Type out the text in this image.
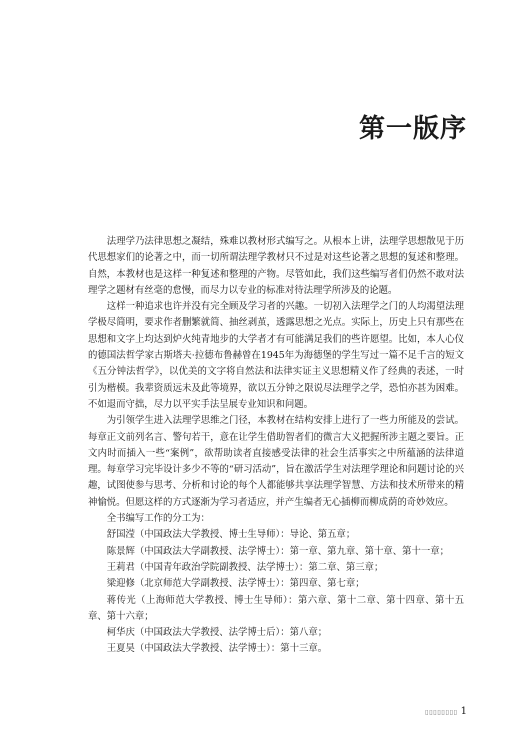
第一版序

法理学乃法律思想之凝结，殊难以教材形式编写之。从根本上讲，法理学思想散见于历代思想家们的论著之中，而一切所谓法理学教材只不过是对这些论著之思想的复述和整理。自然，本教材也是这样一种复述和整理的产物。尽管如此，我们这些编写者们仍然不敢对法理学之题材有丝毫的怠慢，而尽力以专业的标准对待法理学所涉及的论题。

这样一种追求也许并没有完全顾及学习者的兴趣。一切初入法理学之门的人均渴望法理学极尽简明，要求作者删繁就简、抽丝剥茧，透露思想之光点。实际上，历史上只有那些在思想和文字上均达到炉火纯青地步的大学者才有可能满足我们的些许愿望。比如，本人心仪的德国法哲学家古斯塔夫·拉德布鲁赫曾在1945年为海德堡的学生写过一篇不足千言的短文《五分钟法哲学》，以优美的文字将自然法和法律实证主义思想精义作了经典的表述，一时引为楷模。我辈资质远未及此等境界，欲以五分钟之限说尽法理学之学，恐怕亦甚为困难。不如退而守拙，尽力以平实手法呈展专业知识和问题。

为引领学生进入法理学思维之门径，本教材在结构安排上进行了一些力所能及的尝试。每章正文前列名言、警句若干，意在让学生借助智者们的微言大义把握所涉主题之要旨。正文内时而插入一些“案例”，欲帮助读者直接感受法律的社会生活事实之中所蕴涵的法律道理。每章学习完毕设计多少不等的“研习活动”，旨在激活学生对法理学理论和问题讨论的兴趣，试图使参与思考、分析和讨论的每个人都能够共享法理学智慧、方法和技术所带来的精神愉悦。但愿这样的方式逐渐为学习者适应，并产生编者无心插柳而柳成荫的奇妙效应。

全书编写工作的分工为：

舒国滢（中国政法大学教授、博士生导师）：导论、第五章；

陈景辉（中国政法大学副教授、法学博士）：第一章、第九章、第十章、第十一章；

王莉君（中国青年政治学院副教授、法学博士）：第二章、第三章；

梁迎修（北京师范大学副教授、法学博士）：第四章、第七章；

蒋传光（上海师范大学教授、博士生导师）：第六章、第十二章、第十四章、第十五章、第十六章；

柯华庆（中国政法大学教授、法学博士后）：第八章；

王夏昊（中国政法大学教授、法学博士）：第十三章。

▯▯▯▯▯▯▯▯ 1
